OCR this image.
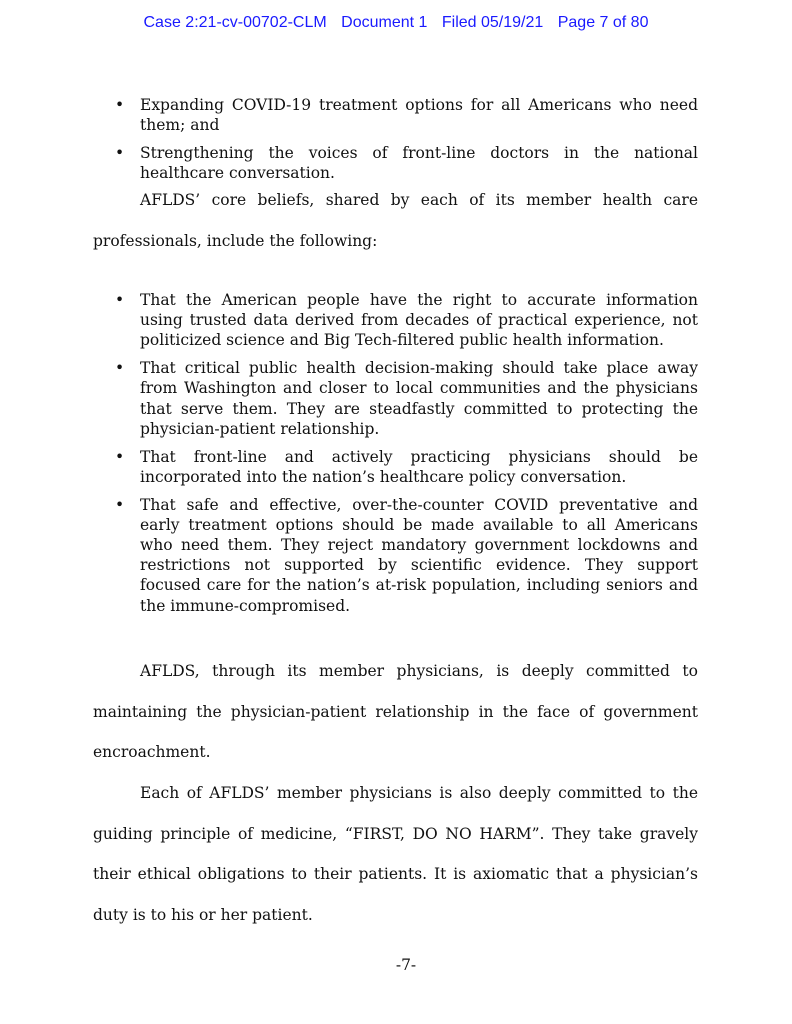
Case 2:21-cv-00702-CLM Document 1 Filed 05/19/21 Page 7 of 80
• Expanding COVID-19 treatment options for all Americans who need them; and
• Strengthening the voices of front-line doctors in the national healthcare conversation.

AFLDS’ core beliefs, shared by each of its member health care professionals, include the following:

• That the American people have the right to accurate information using trusted data derived from decades of practical experience, not politicized science and Big Tech-filtered public health information.
• That critical public health decision-making should take place away from Washington and closer to local communities and the physicians that serve them. They are steadfastly committed to protecting the physician-patient relationship.
• That front-line and actively practicing physicians should be incorporated into the nation’s healthcare policy conversation.
• That safe and effective, over-the-counter COVID preventative and early treatment options should be made available to all Americans who need them. They reject mandatory government lockdowns and restrictions not supported by scientific evidence. They support focused care for the nation’s at-risk population, including seniors and the immune-compromised.

AFLDS, through its member physicians, is deeply committed to maintaining the physician-patient relationship in the face of government encroachment.

Each of AFLDS’ member physicians is also deeply committed to the guiding principle of medicine, “FIRST, DO NO HARM”. They take gravely their ethical obligations to their patients. It is axiomatic that a physician’s duty is to his or her patient.

-7-
